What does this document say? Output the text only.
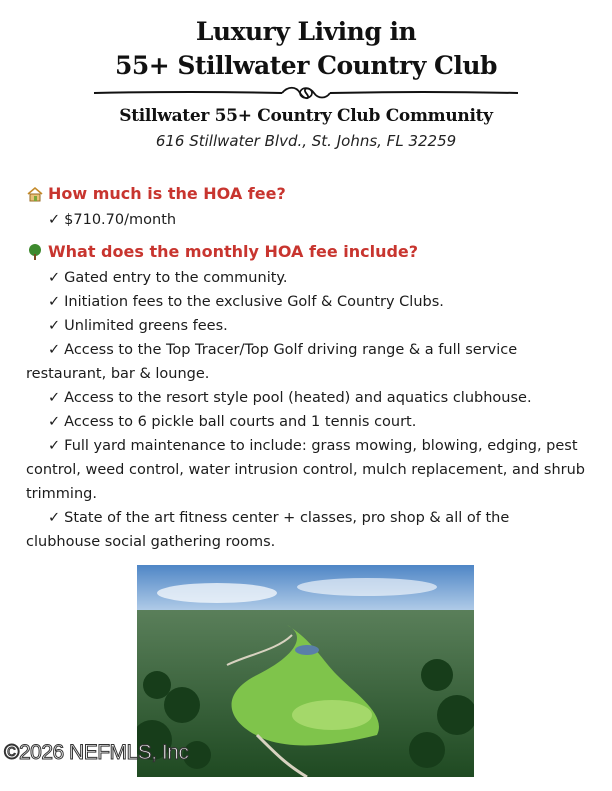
Luxury Living in
55+ Stillwater Country Club
Stillwater 55+ Country Club Community
616 Stillwater Blvd., St. Johns, FL 32259
How much is the HOA fee?
✓ $710.70/month
What does the monthly HOA fee include?
✓ Gated entry to the community.
✓ Initiation fees to the exclusive Golf & Country Clubs.
✓ Unlimited greens fees.
✓ Access to the Top Tracer/Top Golf driving range & a full service restaurant, bar & lounge.
✓ Access to the resort style pool (heated) and aquatics clubhouse.
✓ Access to 6 pickle ball courts and 1 tennis court.
✓ Full yard maintenance to include: grass mowing, blowing, edging, pest control, weed control, water intrusion control, mulch replacement, and shrub trimming.
✓ State of the art fitness center + classes, pro shop & all of the clubhouse social gathering rooms.
©2026 NEFMLS, Inc
